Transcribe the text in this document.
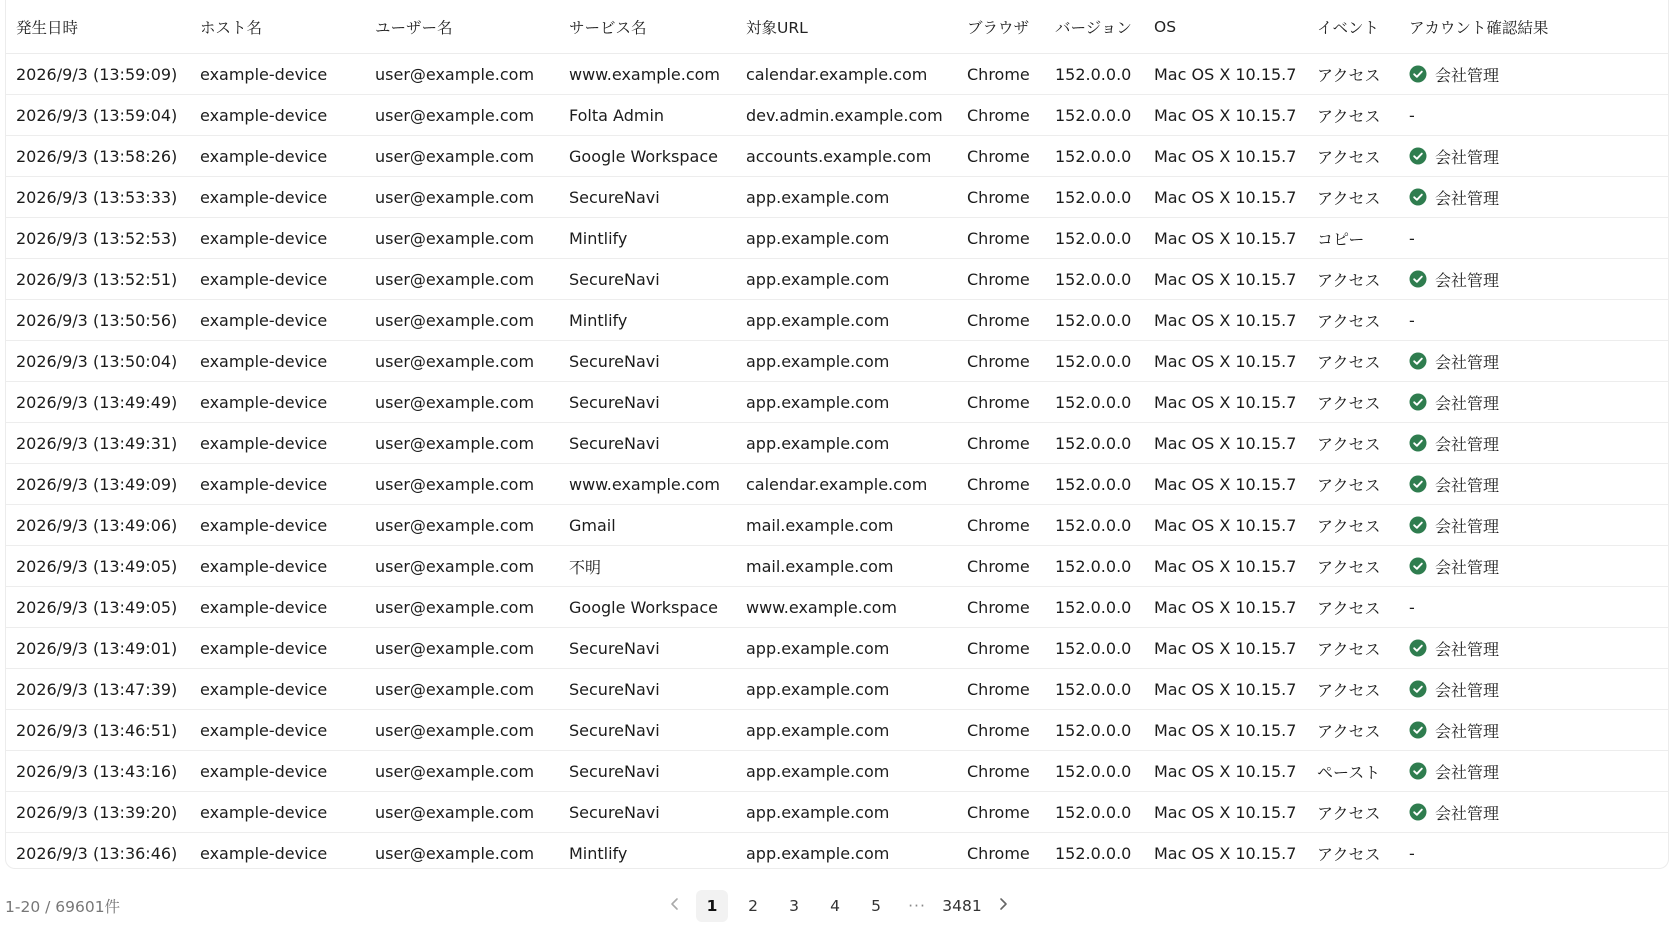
発生日時	ホスト名	ユーザー名	サービス名	対象URL	ブラウザ	バージョン	OS	イベント	アカウント確認結果
2026/9/3 (13:59:09)	example-device	user@example.com	www.example.com	calendar.example.com	Chrome	152.0.0.0	Mac OS X 10.15.7	アクセス	会社管理

2026/9/3 (13:59:04)	example-device	user@example.com	Folta Admin	dev.admin.example.com	Chrome	152.0.0.0	Mac OS X 10.15.7	アクセス	-

2026/9/3 (13:58:26)	example-device	user@example.com	Google Workspace	accounts.example.com	Chrome	152.0.0.0	Mac OS X 10.15.7	アクセス	会社管理

2026/9/3 (13:53:33)	example-device	user@example.com	SecureNavi	app.example.com	Chrome	152.0.0.0	Mac OS X 10.15.7	アクセス	会社管理

2026/9/3 (13:52:53)	example-device	user@example.com	Mintlify	app.example.com	Chrome	152.0.0.0	Mac OS X 10.15.7	コピー	-

2026/9/3 (13:52:51)	example-device	user@example.com	SecureNavi	app.example.com	Chrome	152.0.0.0	Mac OS X 10.15.7	アクセス	会社管理

2026/9/3 (13:50:56)	example-device	user@example.com	Mintlify	app.example.com	Chrome	152.0.0.0	Mac OS X 10.15.7	アクセス	-

2026/9/3 (13:50:04)	example-device	user@example.com	SecureNavi	app.example.com	Chrome	152.0.0.0	Mac OS X 10.15.7	アクセス	会社管理

2026/9/3 (13:49:49)	example-device	user@example.com	SecureNavi	app.example.com	Chrome	152.0.0.0	Mac OS X 10.15.7	アクセス	会社管理

2026/9/3 (13:49:31)	example-device	user@example.com	SecureNavi	app.example.com	Chrome	152.0.0.0	Mac OS X 10.15.7	アクセス	会社管理

2026/9/3 (13:49:09)	example-device	user@example.com	www.example.com	calendar.example.com	Chrome	152.0.0.0	Mac OS X 10.15.7	アクセス	会社管理

2026/9/3 (13:49:06)	example-device	user@example.com	Gmail	mail.example.com	Chrome	152.0.0.0	Mac OS X 10.15.7	アクセス	会社管理

2026/9/3 (13:49:05)	example-device	user@example.com	不明	mail.example.com	Chrome	152.0.0.0	Mac OS X 10.15.7	アクセス	会社管理

2026/9/3 (13:49:05)	example-device	user@example.com	Google Workspace	www.example.com	Chrome	152.0.0.0	Mac OS X 10.15.7	アクセス	-

2026/9/3 (13:49:01)	example-device	user@example.com	SecureNavi	app.example.com	Chrome	152.0.0.0	Mac OS X 10.15.7	アクセス	会社管理

2026/9/3 (13:47:39)	example-device	user@example.com	SecureNavi	app.example.com	Chrome	152.0.0.0	Mac OS X 10.15.7	アクセス	会社管理

2026/9/3 (13:46:51)	example-device	user@example.com	SecureNavi	app.example.com	Chrome	152.0.0.0	Mac OS X 10.15.7	アクセス	会社管理

2026/9/3 (13:43:16)	example-device	user@example.com	SecureNavi	app.example.com	Chrome	152.0.0.0	Mac OS X 10.15.7	ペースト	会社管理

2026/9/3 (13:39:20)	example-device	user@example.com	SecureNavi	app.example.com	Chrome	152.0.0.0	Mac OS X 10.15.7	アクセス	会社管理

2026/9/3 (13:36:46)	example-device	user@example.com	Mintlify	app.example.com	Chrome	152.0.0.0	Mac OS X 10.15.7	アクセス	-
1-20 / 69601件	1	2	3	4	5	···	3481
